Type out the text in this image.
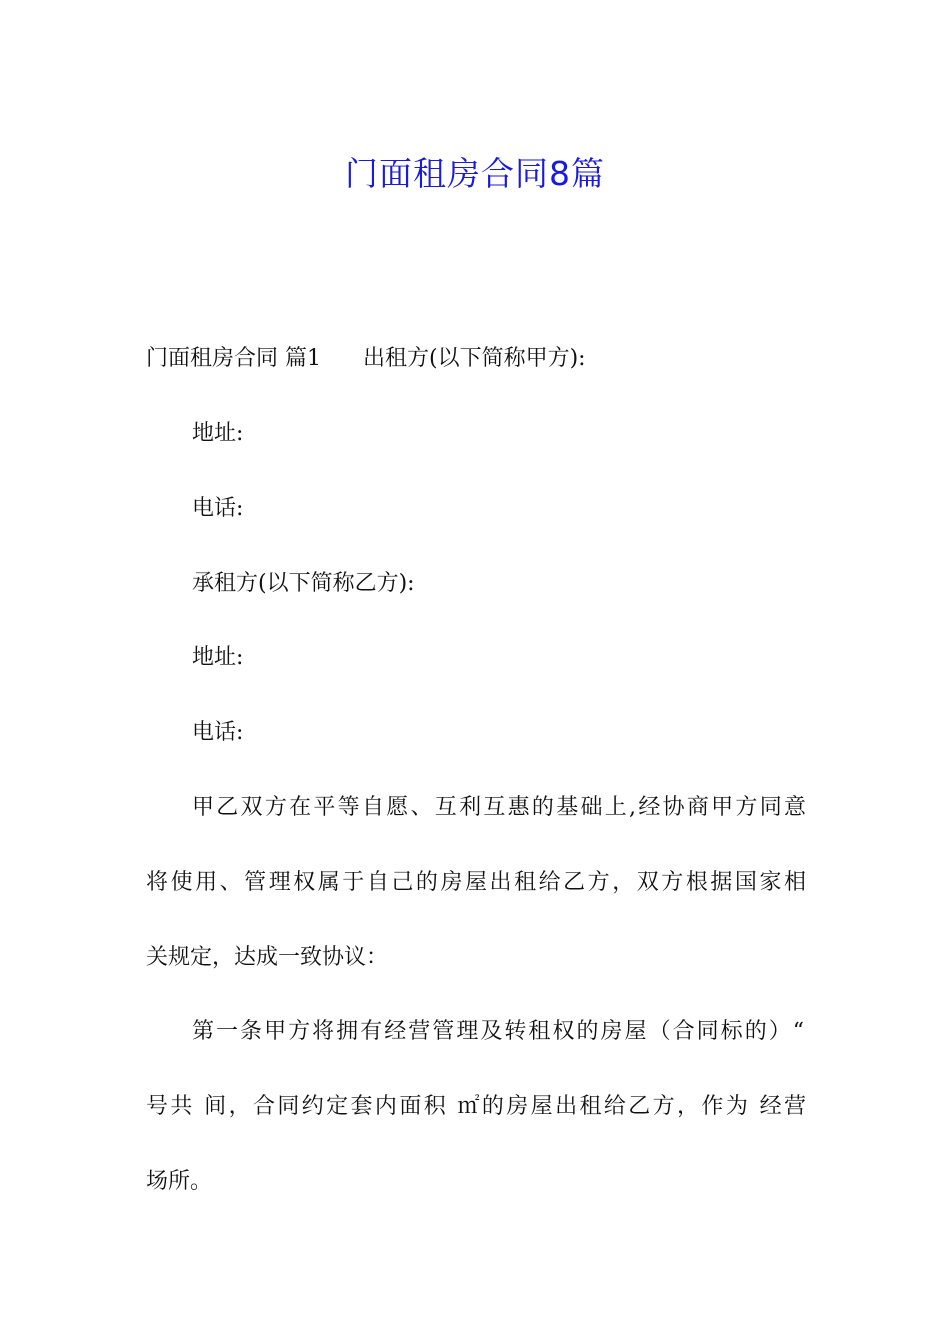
门面租房合同8篇
门面租房合同 篇1 出租方(以下简称甲方):
地址:
电话:
承租方(以下简称乙方):
地址:
电话:
甲乙双方在平等自愿、互利互惠的基础上,经协商甲方同意
将使用、管理权属于自己的房屋出租给乙方，双方根据国家相
关规定，达成一致协议：
第一条甲方将拥有经营管理及转租权的房屋（合同标的）“
号共 间，合同约定套内面积 ㎡的房屋出租给乙方，作为 经营
场所。
